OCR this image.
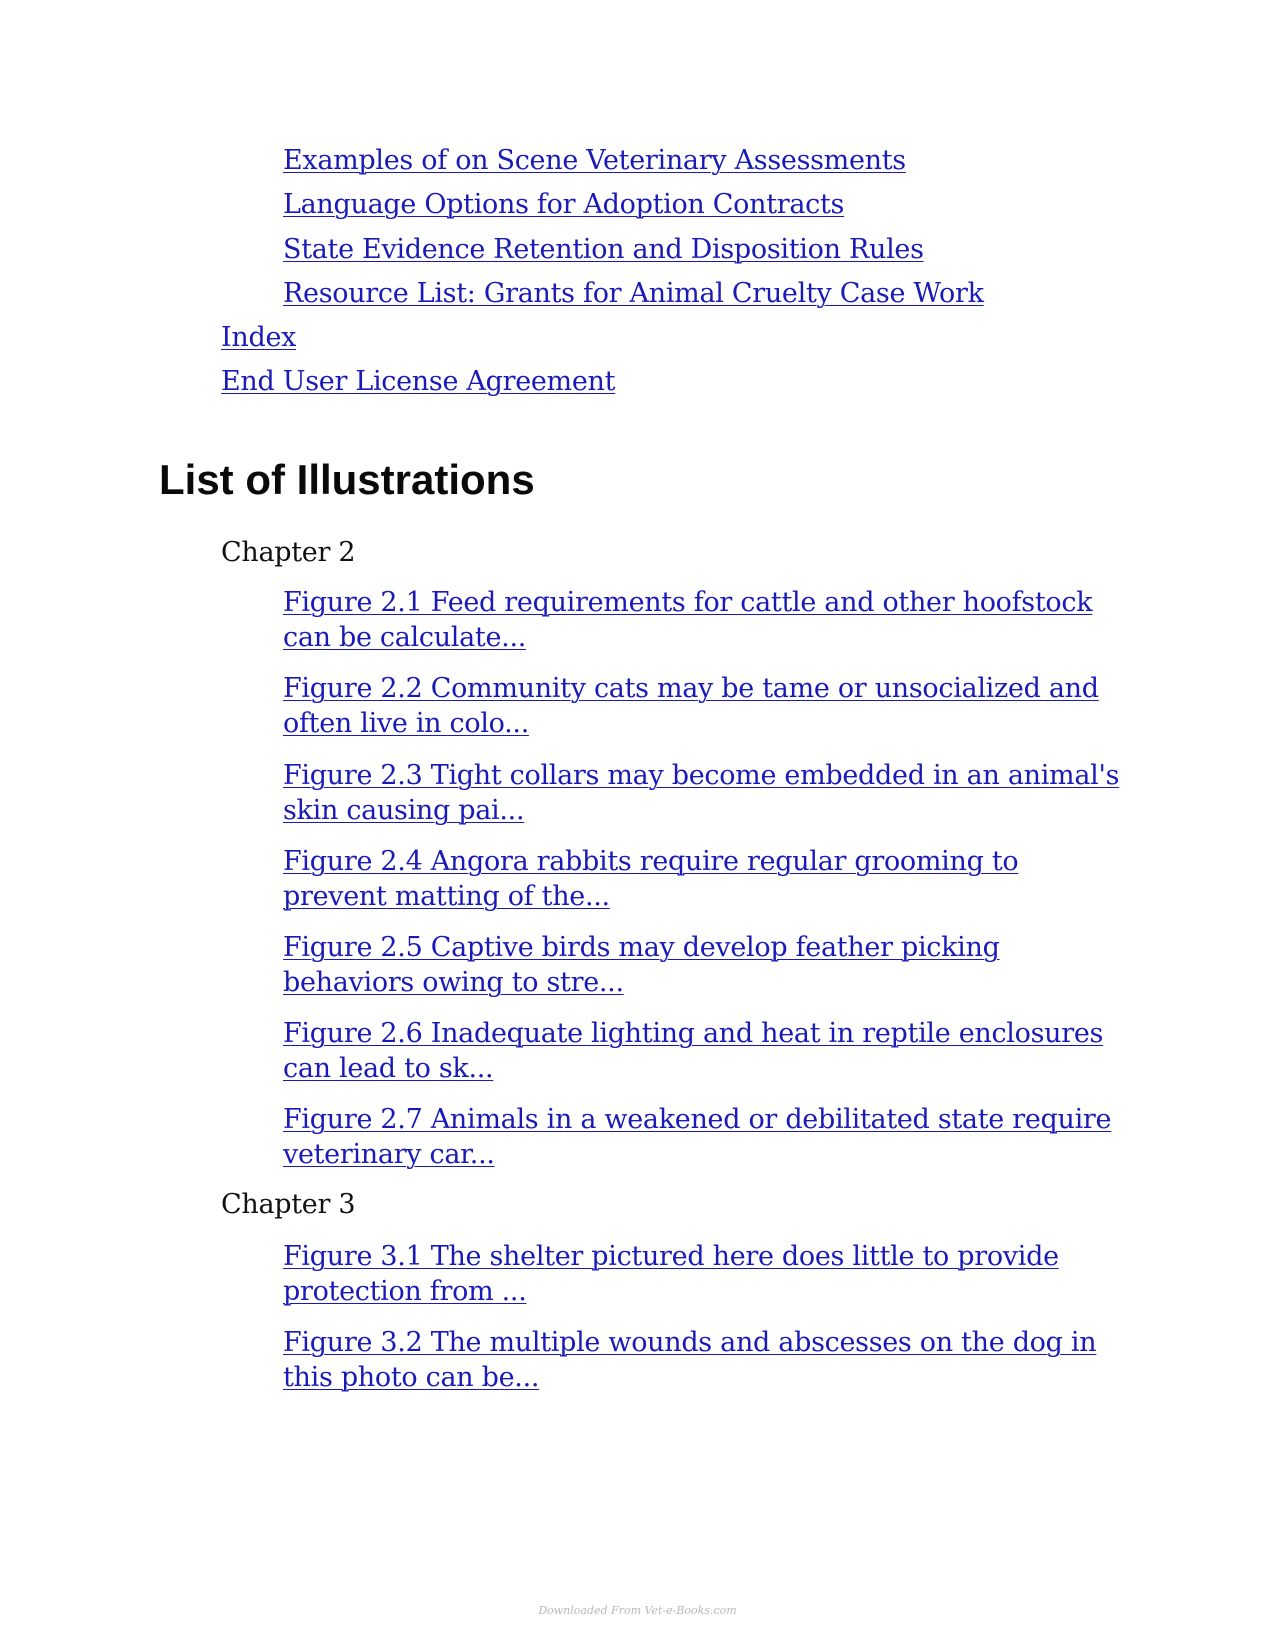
Examples of on Scene Veterinary Assessments
Language Options for Adoption Contracts
State Evidence Retention and Disposition Rules
Resource List: Grants for Animal Cruelty Case Work
Index
End User License Agreement
List of Illustrations
Chapter 2
Figure 2.1 Feed requirements for cattle and other hoofstock can be calculate...
Figure 2.2 Community cats may be tame or unsocialized and often live in colo...
Figure 2.3 Tight collars may become embedded in an animal's skin causing pai...
Figure 2.4 Angora rabbits require regular grooming to prevent matting of the...
Figure 2.5 Captive birds may develop feather picking behaviors owing to stre...
Figure 2.6 Inadequate lighting and heat in reptile enclosures can lead to sk...
Figure 2.7 Animals in a weakened or debilitated state require veterinary car...
Chapter 3
Figure 3.1 The shelter pictured here does little to provide protection from ...
Figure 3.2 The multiple wounds and abscesses on the dog in this photo can be...
Downloaded From Vet-e-Books.com
